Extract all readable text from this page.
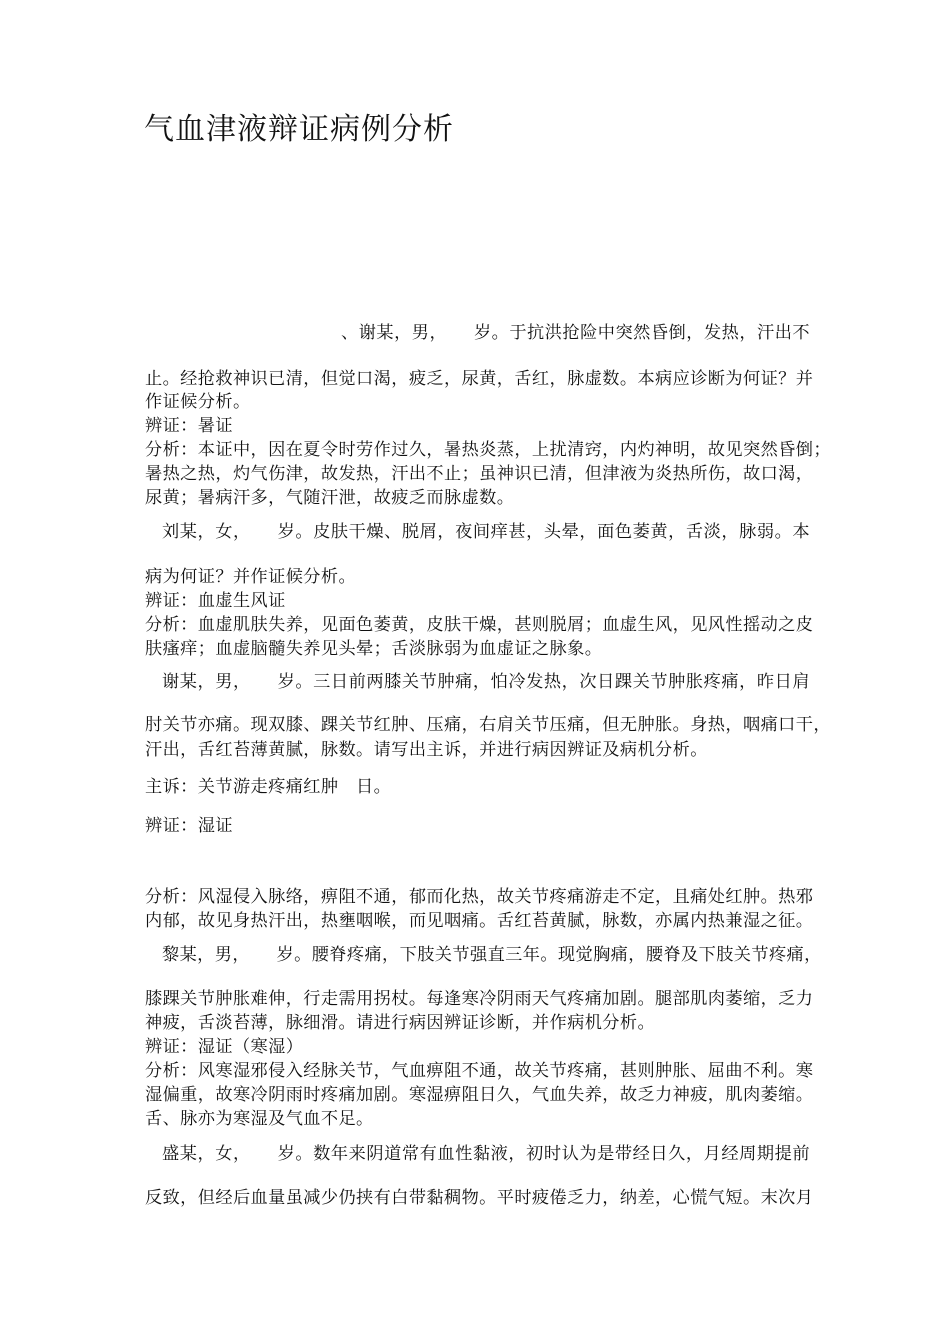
气血津液辩证病例分析

、谢某，男，　　岁。于抗洪抢险中突然昏倒，发热，汗出不

止。经抢救神识已清，但觉口渴，疲乏，尿黄，舌红，脉虚数。本病应诊断为何证？并

作证候分析。

辨证：暑证

分析：本证中，因在夏令时劳作过久，暑热炎蒸，上扰清窍，内灼神明，故见突然昏倒；

暑热之热，灼气伤津，故发热，汗出不止；虽神识已清，但津液为炎热所伤，故口渴，

尿黄；暑病汗多，气随汗泄，故疲乏而脉虚数。

刘某，女，　　岁。皮肤干燥、脱屑，夜间痒甚，头晕，面色萎黄，舌淡，脉弱。本

病为何证？并作证候分析。

辨证：血虚生风证

分析：血虚肌肤失养，见面色萎黄，皮肤干燥，甚则脱屑；血虚生风，见风性摇动之皮

肤瘙痒；血虚脑髓失养见头晕；舌淡脉弱为血虚证之脉象。

谢某，男，　　岁。三日前两膝关节肿痛，怕冷发热，次日踝关节肿胀疼痛，昨日肩

肘关节亦痛。现双膝、踝关节红肿、压痛，右肩关节压痛，但无肿胀。身热，咽痛口干，

汗出，舌红苔薄黄腻，脉数。请写出主诉，并进行病因辨证及病机分析。

主诉：关节游走疼痛红肿　日。

辨证：湿证

分析：风湿侵入脉络，痹阻不通，郁而化热，故关节疼痛游走不定，且痛处红肿。热邪

内郁，故见身热汗出，热壅咽喉，而见咽痛。舌红苔黄腻，脉数，亦属内热兼湿之征。

黎某，男，　　岁。腰脊疼痛，下肢关节强直三年。现觉胸痛，腰脊及下肢关节疼痛，

膝踝关节肿胀难伸，行走需用拐杖。每逢寒冷阴雨天气疼痛加剧。腿部肌肉萎缩，乏力

神疲，舌淡苔薄，脉细滑。请进行病因辨证诊断，并作病机分析。

辨证：湿证（寒湿）

分析：风寒湿邪侵入经脉关节，气血痹阻不通，故关节疼痛，甚则肿胀、屈曲不利。寒

湿偏重，故寒冷阴雨时疼痛加剧。寒湿痹阻日久，气血失养，故乏力神疲，肌肉萎缩。

舌、脉亦为寒湿及气血不足。

盛某，女，　　岁。数年来阴道常有血性黏液，初时认为是带经日久，月经周期提前

反致，但经后血量虽减少仍挟有白带黏稠物。平时疲倦乏力，纳差，心慌气短。末次月
